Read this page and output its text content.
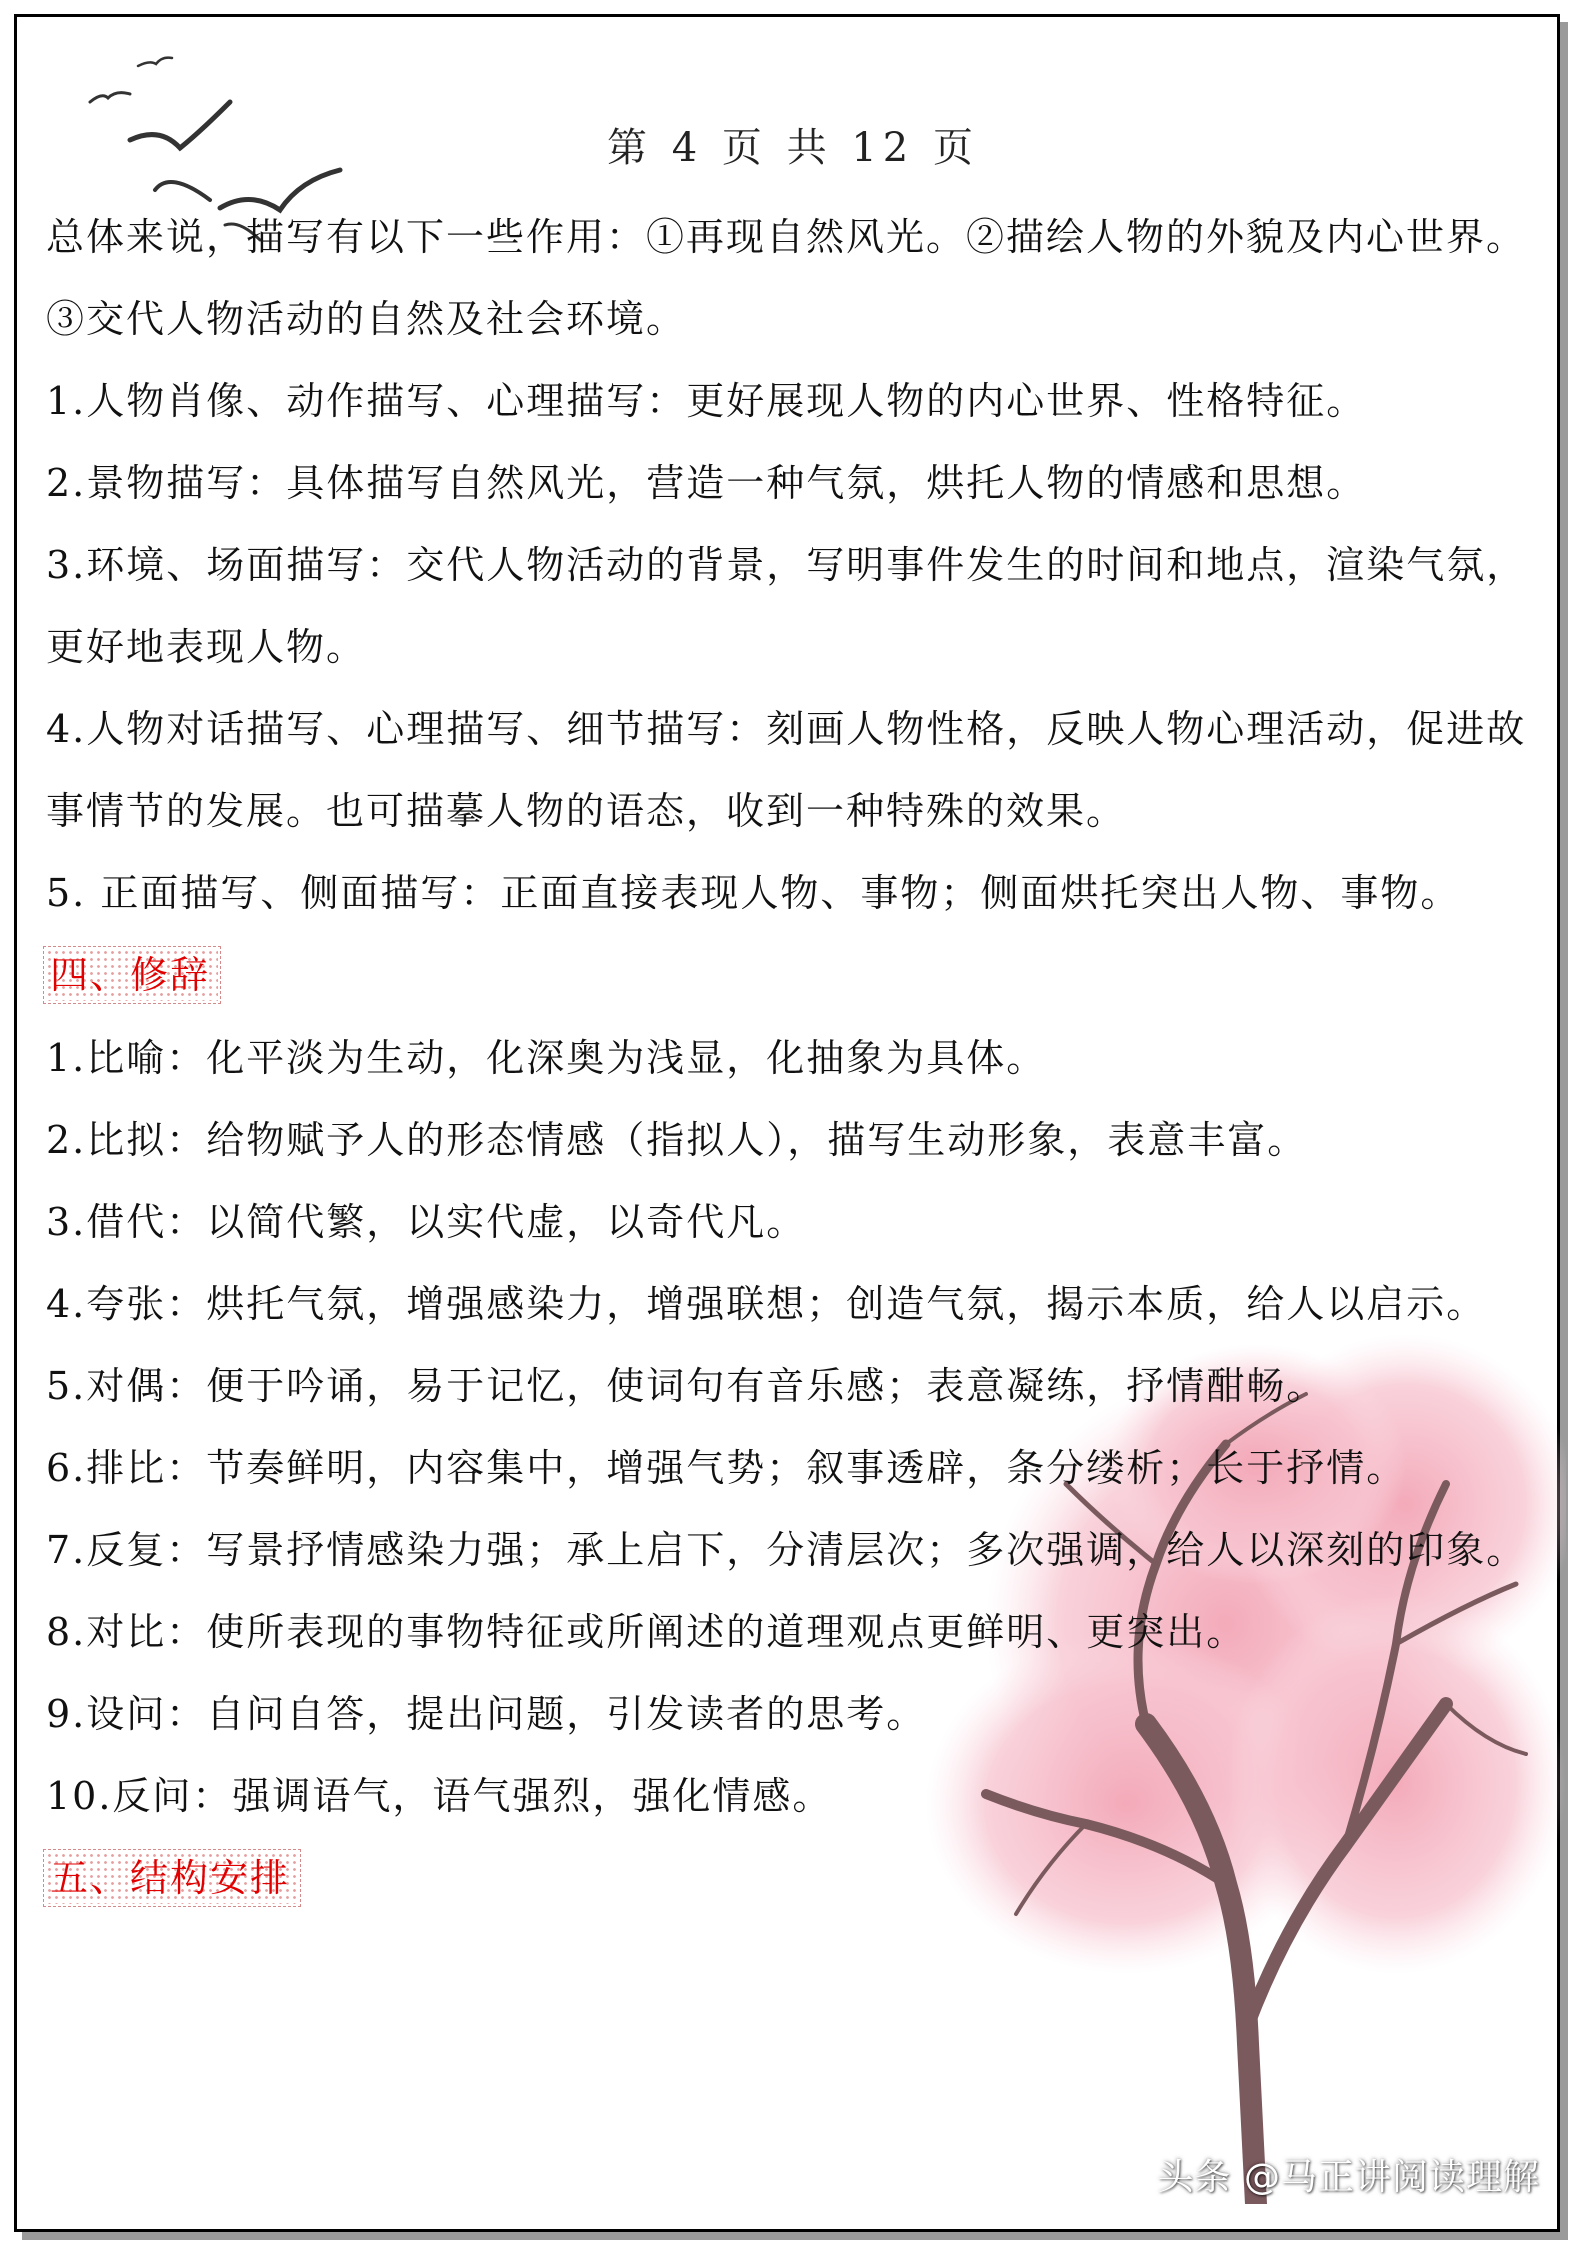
第 4 页 共 12 页

总体来说，描写有以下一些作用：①再现自然风光。②描绘人物的外貌及内心世界。③交代人物活动的自然及社会环境。

1.人物肖像、动作描写、心理描写：更好展现人物的内心世界、性格特征。

2.景物描写：具体描写自然风光，营造一种气氛，烘托人物的情感和思想。

3.环境、场面描写：交代人物活动的背景，写明事件发生的时间和地点，渲染气氛，更好地表现人物。

4.人物对话描写、心理描写、细节描写：刻画人物性格，反映人物心理活动，促进故事情节的发展。也可描摹人物的语态，收到一种特殊的效果。

5. 正面描写、侧面描写：正面直接表现人物、事物；侧面烘托突出人物、事物。

四、修辞

1.比喻：化平淡为生动，化深奥为浅显，化抽象为具体。

2.比拟：给物赋予人的形态情感（指拟人），描写生动形象，表意丰富。

3.借代：以简代繁，以实代虚，以奇代凡。

4.夸张：烘托气氛，增强感染力，增强联想；创造气氛，揭示本质，给人以启示。

5.对偶：便于吟诵，易于记忆，使词句有音乐感；表意凝练，抒情酣畅。

6.排比：节奏鲜明，内容集中，增强气势；叙事透辟，条分缕析；长于抒情。

7.反复：写景抒情感染力强；承上启下，分清层次；多次强调，给人以深刻的印象。

8.对比：使所表现的事物特征或所阐述的道理观点更鲜明、更突出。

9.设问：自问自答，提出问题，引发读者的思考。

10.反问：强调语气，语气强烈，强化情感。

五、结构安排
头条 @马正讲阅读理解
